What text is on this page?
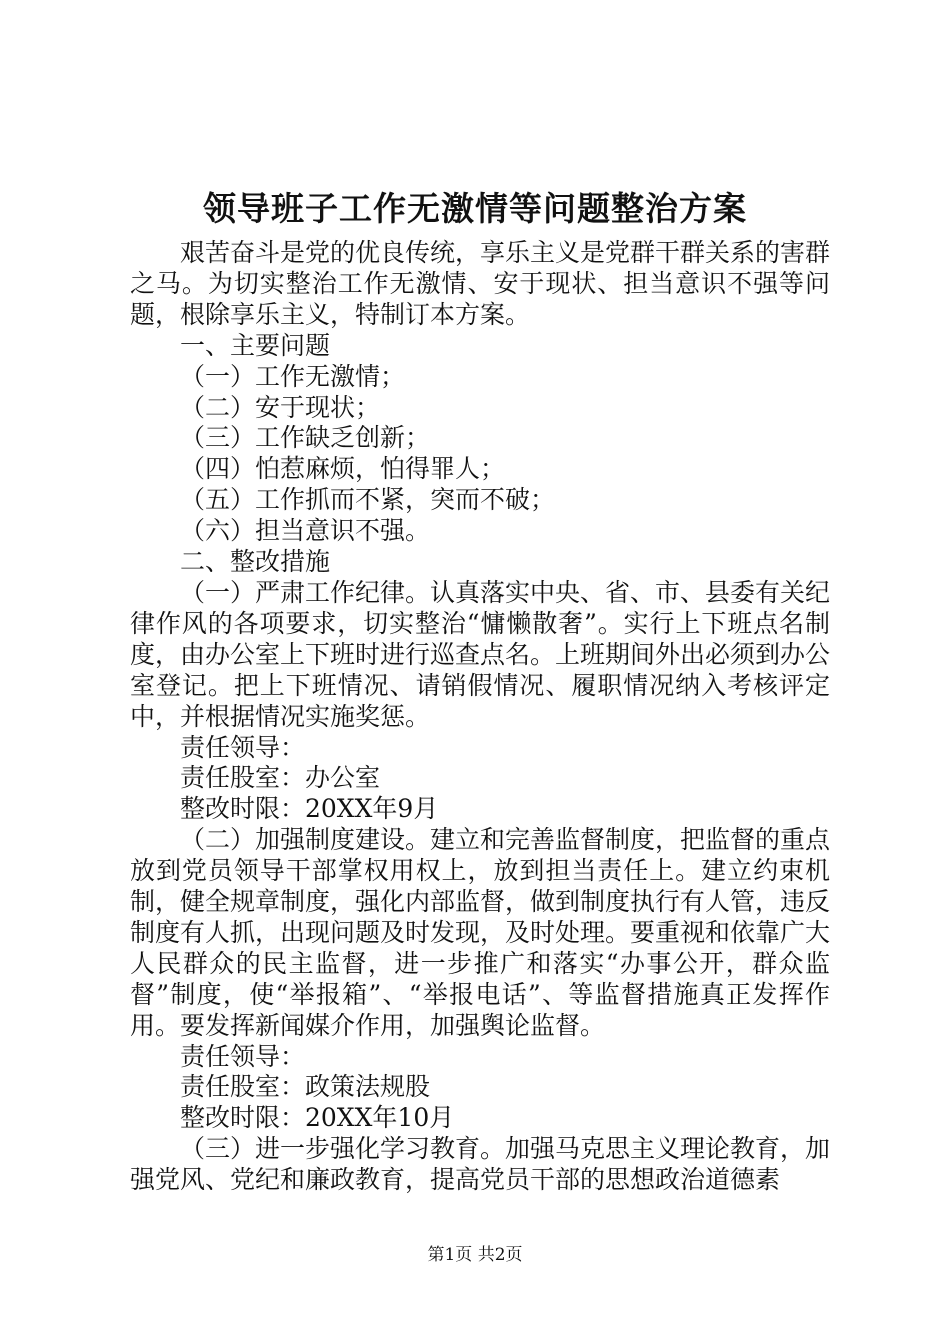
领导班子工作无激情等问题整治方案

艰苦奋斗是党的优良传统，享乐主义是党群干群关系的害群之马。为切实整治工作无激情、安于现状、担当意识不强等问题，根除享乐主义，特制订本方案。

一、主要问题

（一）工作无激情；

（二）安于现状；

（三）工作缺乏创新；

（四）怕惹麻烦，怕得罪人；

（五）工作抓而不紧，突而不破；

（六）担当意识不强。

二、整改措施

（一）严肃工作纪律。认真落实中央、省、市、县委有关纪律作风的各项要求，切实整治“慵懒散奢”。实行上下班点名制度，由办公室上下班时进行巡查点名。上班期间外出必须到办公室登记。把上下班情况、请销假情况、履职情况纳入考核评定中，并根据情况实施奖惩。

责任领导：

责任股室：办公室

整改时限：20XX年9月

（二）加强制度建设。建立和完善监督制度，把监督的重点放到党员领导干部掌权用权上，放到担当责任上。建立约束机制，健全规章制度，强化内部监督，做到制度执行有人管，违反制度有人抓，出现问题及时发现，及时处理。要重视和依靠广大人民群众的民主监督，进一步推广和落实“办事公开，群众监督”制度，使“举报箱”、“举报电话”、等监督措施真正发挥作用。要发挥新闻媒介作用，加强舆论监督。

责任领导：

责任股室：政策法规股

整改时限：20XX年10月

（三）进一步强化学习教育。加强马克思主义理论教育，加强党风、党纪和廉政教育，提高党员干部的思想政治道德素

第1页 共2页
